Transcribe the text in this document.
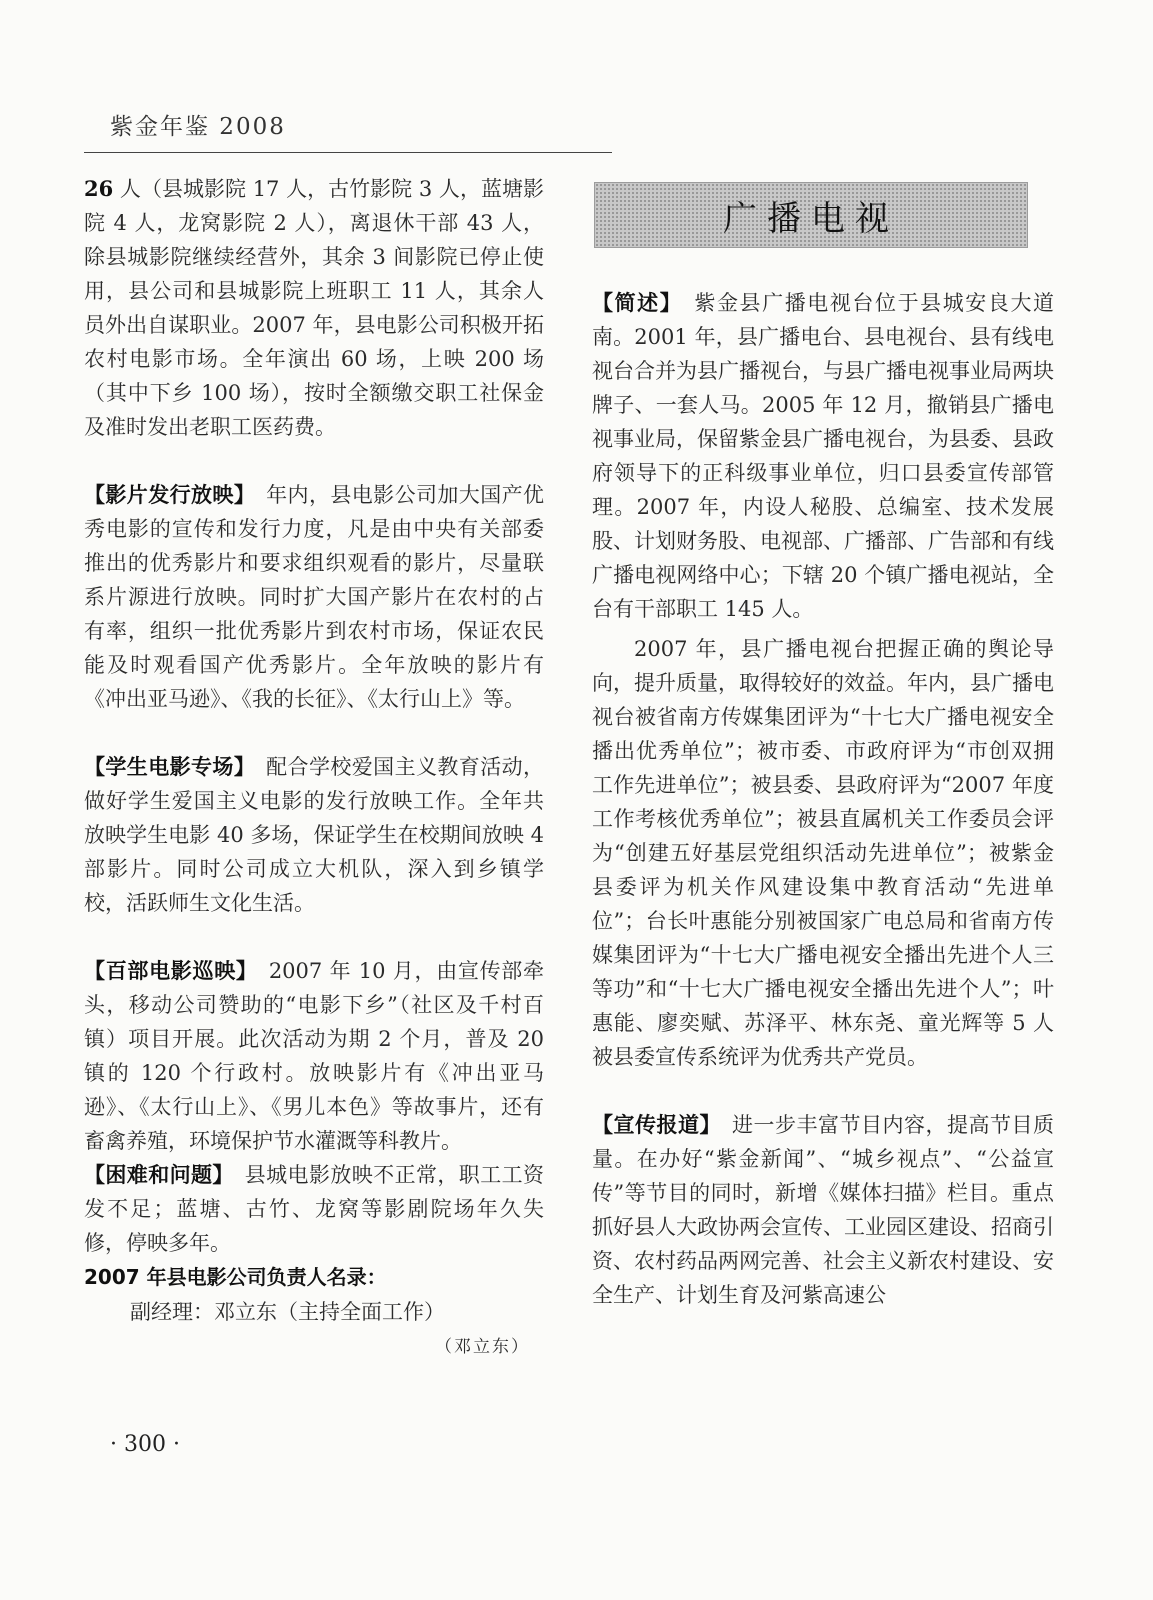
紫金年鉴 2008

26 人（县城影院 17 人，古竹影院 3 人，蓝塘影院 4 人，龙窝影院 2 人），离退休干部 43 人，除县城影院继续经营外，其余 3 间影院已停止使用，县公司和县城影院上班职工 11 人，其余人员外出自谋职业。2007 年，县电影公司积极开拓农村电影市场。全年演出 60 场，上映 200 场（其中下乡 100 场），按时全额缴交职工社保金及准时发出老职工医药费。

【影片发行放映】　 年内，县电影公司加大国产优秀电影的宣传和发行力度，凡是由中央有关部委推出的优秀影片和要求组织观看的影片，尽量联系片源进行放映。同时扩大国产影片在农村的占有率，组织一批优秀影片到农村市场，保证农民能及时观看国产优秀影片。全年放映的影片有《冲出亚马逊》、《我的长征》、《太行山上》等。

【学生电影专场】　 配合学校爱国主义教育活动，做好学生爱国主义电影的发行放映工作。全年共放映学生电影 40 多场，保证学生在校期间放映 4 部影片。同时公司成立大机队，深入到乡镇学校，活跃师生文化生活。

【百部电影巡映】　 2007 年 10 月，由宣传部牵头，移动公司赞助的“电影下乡”（社区及千村百镇）项目开展。此次活动为期 2 个月，普及 20 镇的 120 个行政村。放映影片有《冲出亚马逊》、《太行山上》、《男儿本色》等故事片，还有畜禽养殖，环境保护节水灌溉等科教片。

【困难和问题】　 县城电影放映不正常，职工工资发不足；蓝塘、古竹、龙窝等影剧院场年久失修，停映多年。

2007 年县电影公司负责人名录：

副经理：邓立东（主持全面工作）

（邓立东）

广播电视

【简述】　 紫金县广播电视台位于县城安良大道南。2001 年，县广播电台、县电视台、县有线电视台合并为县广播视台，与县广播电视事业局两块牌子、一套人马。2005 年 12 月，撤销县广播电视事业局，保留紫金县广播电视台，为县委、县政府领导下的正科级事业单位，归口县委宣传部管理。2007 年，内设人秘股、总编室、技术发展股、计划财务股、电视部、广播部、广告部和有线广播电视网络中心；下辖 20 个镇广播电视站，全台有干部职工 145 人。

2007 年，县广播电视台把握正确的舆论导向，提升质量，取得较好的效益。年内，县广播电视台被省南方传媒集团评为“十七大广播电视安全播出优秀单位”；被市委、市政府评为“市创双拥工作先进单位”；被县委、县政府评为“2007 年度工作考核优秀单位”；被县直属机关工作委员会评为“创建五好基层党组织活动先进单位”；被紫金县委评为机关作风建设集中教育活动“先进单位”；台长叶惠能分别被国家广电总局和省南方传媒集团评为“十七大广播电视安全播出先进个人三等功”和“十七大广播电视安全播出先进个人”；叶惠能、廖奕赋、苏泽平、林东尧、童光辉等 5 人被县委宣传系统评为优秀共产党员。

【宣传报道】　 进一步丰富节目内容，提高节目质量。在办好“紫金新闻”、“城乡视点”、“公益宣传”等节目的同时，新增《媒体扫描》栏目。重点抓好县人大政协两会宣传、工业园区建设、招商引资、农村药品两网完善、社会主义新农村建设、安全生产、计划生育及河紫高速公

· 300 ·
